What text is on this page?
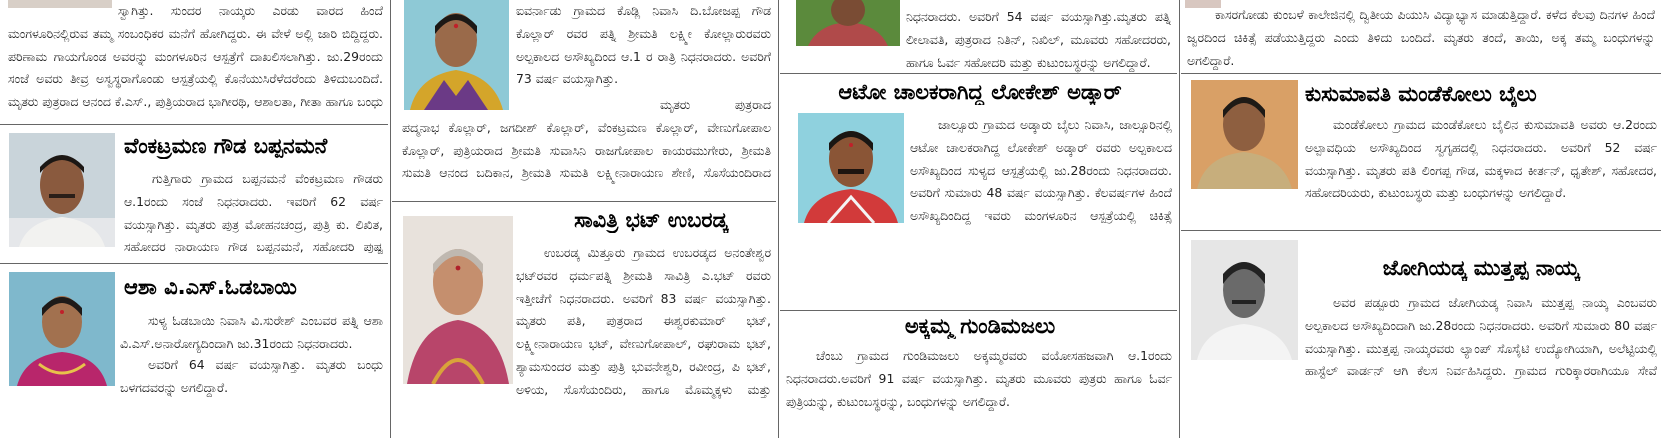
ಸ್ವಾಗಿತ್ತು. ಸುಂದರ ನಾಯ್ಕರು ಎರಡು ವಾರದ ಹಿಂದೆ ಮಂಗಳೂರಿನಲ್ಲಿರುವ ತಮ್ಮ ಸಂಬಂಧಿಕರ ಮನೆಗೆ ಹೋಗಿದ್ದರು. ಈ ವೇಳೆ ಅಲ್ಲಿ ಜಾರಿ ಬಿದ್ದಿದ್ದರು. ಪರಿಣಾಮ ಗಾಯಗೊಂಡ ಅವರನ್ನು ಮಂಗಳೂರಿನ ಆಸ್ಪತ್ರೆಗೆ ದಾಖಲಿಸಲಾಗಿತ್ತು. ಜು.29ರಂದು ಸಂಜೆ ಅವರು ತೀವ್ರ ಅಸ್ವಸ್ಥರಾಗೊಂಡು ಆಸ್ಪತ್ರೆಯಲ್ಲಿ ಕೊನೆಯುಸಿರೆಳೆದರೆಂದು ತಿಳಿದುಬಂದಿದೆ. ಮೃತರು ಪುತ್ರರಾದ ಆನಂದ ಕೆ.ಎಸ್., ಪುತ್ರಿಯರಾದ ಭಾಗೀರಥಿ, ಆಶಾಲತಾ, ಗೀತಾ ಹಾಗೂ ಬಂಧು
ವೆಂಕಟ್ರಮಣ ಗೌಡ ಬಪ್ಪನಮನೆ
ಗುತ್ತಿಗಾರು ಗ್ರಾಮದ ಬಪ್ಪನಮನೆ ವೆಂಕಟ್ರಮಣ ಗೌಡರು ಆ.1ರಂದು ಸಂಜೆ ನಿಧನರಾದರು. ಇವರಿಗೆ 62 ವರ್ಷ ವಯಸ್ಸಾಗಿತ್ತು. ಮೃತರು ಪುತ್ರ ಮೋಹನಚಂದ್ರ, ಪುತ್ರಿ ಕು. ಲಿಖಿತ, ಸಹೋದರ ನಾರಾಯಣ ಗೌಡ ಬಪ್ಪನಮನೆ, ಸಹೋದರಿ ಪುಷ್ಪ
ಆಶಾ ವಿ.ಎಸ್.ಓಡಬಾಯಿ
ಸುಳ್ಯ ಓಡಬಾಯಿ ನಿವಾಸಿ ವಿ.ಸುರೇಶ್ ಎಂಬವರ ಪತ್ನಿ ಆಶಾ ವಿ.ಎಸ್.ಅನಾರೋಗ್ಯದಿಂದಾಗಿ ಜು.31ರಂದು ನಿಧನರಾದರು.
ಅವರಿಗೆ 64 ವರ್ಷ ವಯಸ್ಸಾಗಿತ್ತು. ಮೃತರು ಬಂಧು ಬಳಗದವರನ್ನು ಅಗಲಿದ್ದಾರೆ.
ಐವರ್ನಾಡು ಗ್ರಾಮದ ಕೊಡ್ಲಿ ನಿವಾಸಿ ದಿ.ಬೋಜಪ್ಪ ಗೌಡ ಕೊಲ್ಲಾರ್ ರವರ ಪತ್ನಿ ಶ್ರೀಮತಿ ಲಕ್ಷ್ಮೀ ಕೋಲ್ಲಾರುರವರು ಅಲ್ಪಕಾಲದ ಅಸೌಖ್ಯದಿಂದ ಆ.1 ರ ರಾತ್ರಿ ನಿಧನರಾದರು. ಅವರಿಗೆ 73 ವರ್ಷ ವಯಸ್ಸಾಗಿತ್ತು.
ಮೃತರು ಪುತ್ರರಾದ ಪದ್ಮನಾಭ ಕೊಲ್ಲಾರ್, ಜಗದೀಶ್ ಕೊಲ್ಲಾರ್, ವೆಂಕಟ್ರಮಣ ಕೊಲ್ಲಾರ್, ವೇಣುಗೋಪಾಲ ಕೊಲ್ಲಾರ್, ಪುತ್ರಿಯರಾದ ಶ್ರೀಮತಿ ಸುವಾಸಿನಿ ರಾಜಗೋಪಾಲ ಕಾಯರಮುಗೇರು, ಶ್ರೀಮತಿ ಸುಮತಿ ಆನಂದ ಬದಿಕಾನ, ಶ್ರೀಮತಿ ಸುಮತಿ ಲಕ್ಷ್ಮೀನಾರಾಯಣ ಶೇಣಿ, ಸೊಸೆಯಂದಿರಾದ
ಸಾವಿತ್ರಿ ಭಟ್ ಉಬರಡ್ಕ
ಉಬರಡ್ಕ ಮಿತ್ತೂರು ಗ್ರಾಮದ ಉಬರಡ್ಕದ ಅನಂತೇಶ್ವರ ಭಟ್‌ರವರ ಧರ್ಮಪತ್ನಿ ಶ್ರೀಮತಿ ಸಾವಿತ್ರಿ ಎ.ಭಟ್ ರವರು ಇತ್ತೀಚೆಗೆ ನಿಧನರಾದರು. ಅವರಿಗೆ 83 ವರ್ಷ ವಯಸ್ಸಾಗಿತ್ತು. ಮೃತರು ಪತಿ, ಪುತ್ರರಾದ ಈಶ್ವರಕುಮಾರ್ ಭಟ್, ಲಕ್ಷ್ಮೀನಾರಾಯಣ ಭಟ್, ವೇಣುಗೋಪಾಲ್, ರಘುರಾಮ ಭಟ್, ಶ್ಯಾಮಸುಂದರ ಮತ್ತು ಪುತ್ರಿ ಭುವನೇಶ್ವರಿ, ರವೀಂದ್ರ, ಪಿ ಭಟ್, ಅಳಿಯ, ಸೊಸೆಯಂದಿರು, ಹಾಗೂ ಮೊಮ್ಮಕ್ಕಳು ಮತ್ತು
ನಿಧನರಾದರು. ಅವರಿಗೆ 54 ವರ್ಷ ವಯಸ್ಸಾಗಿತ್ತು.ಮೃತರು ಪತ್ನಿ ಲೀಲಾವತಿ, ಪುತ್ರರಾದ ನಿತಿನ್, ನಿಖಿಲ್, ಮೂವರು ಸಹೋದರರು, ಹಾಗೂ ಓರ್ವ ಸಹೋದರಿ ಮತ್ತು ಕುಟುಂಬಸ್ಥರನ್ನು ಅಗಲಿದ್ದಾರೆ.
ಆಟೋ ಚಾಲಕರಾಗಿದ್ದ ಲೋಕೇಶ್ ಅಡ್ಕಾರ್
ಜಾಲ್ಸೂರು ಗ್ರಾಮದ ಅಡ್ಕಾರು ಬೈಲು ನಿವಾಸಿ, ಜಾಲ್ಸೂರಿನಲ್ಲಿ ಆಟೋ ಚಾಲಕರಾಗಿದ್ದ ಲೋಕೇಶ್ ಅಡ್ಕಾರ್ ರವರು ಅಲ್ಪಕಾಲದ ಅಸೌಖ್ಯದಿಂದ ಸುಳ್ಯದ ಆಸ್ಪತ್ರೆಯಲ್ಲಿ ಜು.28ರಂದು ನಿಧನರಾದರು. ಅವರಿಗೆ ಸುಮಾರು 48 ವರ್ಷ ವಯಸ್ಸಾಗಿತ್ತು. ಕೆಲವರ್ಷಗಳ ಹಿಂದೆ ಅಸೌಖ್ಯದಿಂದಿದ್ದ ಇವರು ಮಂಗಳೂರಿನ ಆಸ್ಪತ್ರೆಯಲ್ಲಿ ಚಿಕಿತ್ಸೆ
ಅಕ್ಕಮ್ಮ ಗುಂಡಿಮಜಲು
ಚೆಂಬು ಗ್ರಾಮದ ಗುಂಡಿಮಜಲು ಅಕ್ಕಮ್ಮರವರು ವಯೋಸಹಜವಾಗಿ ಆ.1ರಂದು ನಿಧನರಾದರು.ಅವರಿಗೆ 91 ವರ್ಷ ವಯಸ್ಸಾಗಿತ್ತು. ಮೃತರು ಮೂವರು ಪುತ್ರರು ಹಾಗೂ ಓರ್ವ ಪುತ್ರಿಯನ್ನು, ಕುಟುಂಬಸ್ಥರನ್ನು, ಬಂಧುಗಳನ್ನು ಅಗಲಿದ್ದಾರೆ.
ಕಾಸರಗೋಡು ಕುಂಬಳೆ ಕಾಲೇಜಿನಲ್ಲಿ ದ್ವಿತೀಯ ಪಿಯುಸಿ ವಿದ್ಯಾಭ್ಯಾಸ ಮಾಡುತ್ತಿದ್ದಾರೆ. ಕಳೆದ ಕೆಲವು ದಿನಗಳ ಹಿಂದೆ ಜ್ವರದಿಂದ ಚಿಕಿತ್ಸೆ ಪಡೆಯುತ್ತಿದ್ದರು ಎಂದು ತಿಳಿದು ಬಂದಿದೆ. ಮೃತರು ತಂದೆ, ತಾಯಿ, ಅಕ್ಕ ತಮ್ಮ ಬಂಧುಗಳನ್ನು ಅಗಲಿದ್ದಾರೆ.
ಕುಸುಮಾವತಿ ಮಂಡೆಕೋಲು ಬೈಲು
ಮಂಡೆಕೋಲು ಗ್ರಾಮದ ಮಂಡೆಕೋಲು ಬೈಲಿನ ಕುಸುಮಾವತಿ ಅವರು ಆ.2ರಂದು ಅಲ್ಪಾವಧಿಯ ಅಸೌಖ್ಯದಿಂದ ಸ್ವಗೃಹದಲ್ಲಿ ನಿಧನರಾದರು. ಅವರಿಗೆ 52 ವರ್ಷ ವಯಸ್ಸಾಗಿತ್ತು. ಮೃತರು ಪತಿ ಲಿಂಗಪ್ಪ ಗೌಡ, ಮಕ್ಕಳಾದ ಕೀರ್ತನ್, ಧೃತೇಶ್, ಸಹೋದರ, ಸಹೋದರಿಯರು, ಕುಟುಂಬಸ್ಥರು ಮತ್ತು ಬಂಧುಗಳನ್ನು ಅಗಲಿದ್ದಾರೆ.
ಜೋಗಿಯಡ್ಕ ಮುತ್ತಪ್ಪ ನಾಯ್ಕ
ಅವರ ಪಡ್ಪೂರು ಗ್ರಾಮದ ಜೋಗಿಯಡ್ಕ ನಿವಾಸಿ ಮುತ್ತಪ್ಪ ನಾಯ್ಕ ಎಂಬವರು ಅಲ್ಪಕಾಲದ ಅಸೌಖ್ಯದಿಂದಾಗಿ ಜು.28ರಂದು ನಿಧನರಾದರು. ಅವರಿಗೆ ಸುಮಾರು 80 ವರ್ಷ ವಯಸ್ಸಾಗಿತ್ತು. ಮುತ್ತಪ್ಪ ನಾಯ್ಕರವರು ಲ್ಯಾಂಪ್ ಸೊಸೈಟಿ ಉದ್ಯೋಗಿಯಾಗಿ, ಅಲೆಟ್ಟಿಯಲ್ಲಿ ಹಾಸ್ಟೆಲ್ ವಾರ್ಡನ್ ಆಗಿ ಕೆಲಸ ನಿರ್ವಹಿಸಿದ್ದರು. ಗ್ರಾಮದ ಗುರಿಕ್ಕಾರರಾಗಿಯೂ ಸೇವೆ
